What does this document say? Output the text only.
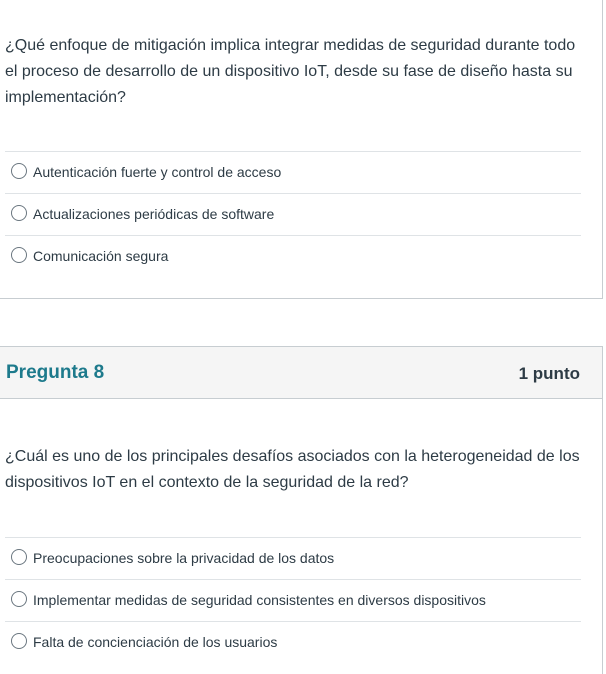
¿Qué enfoque de mitigación implica integrar medidas de seguridad durante todo el proceso de desarrollo de un dispositivo IoT, desde su fase de diseño hasta su implementación?
Autenticación fuerte y control de acceso
Actualizaciones periódicas de software
Comunicación segura
Pregunta 8	1 punto
¿Cuál es uno de los principales desafíos asociados con la heterogeneidad de los dispositivos IoT en el contexto de la seguridad de la red?
Preocupaciones sobre la privacidad de los datos
Implementar medidas de seguridad consistentes en diversos dispositivos
Falta de concienciación de los usuarios
